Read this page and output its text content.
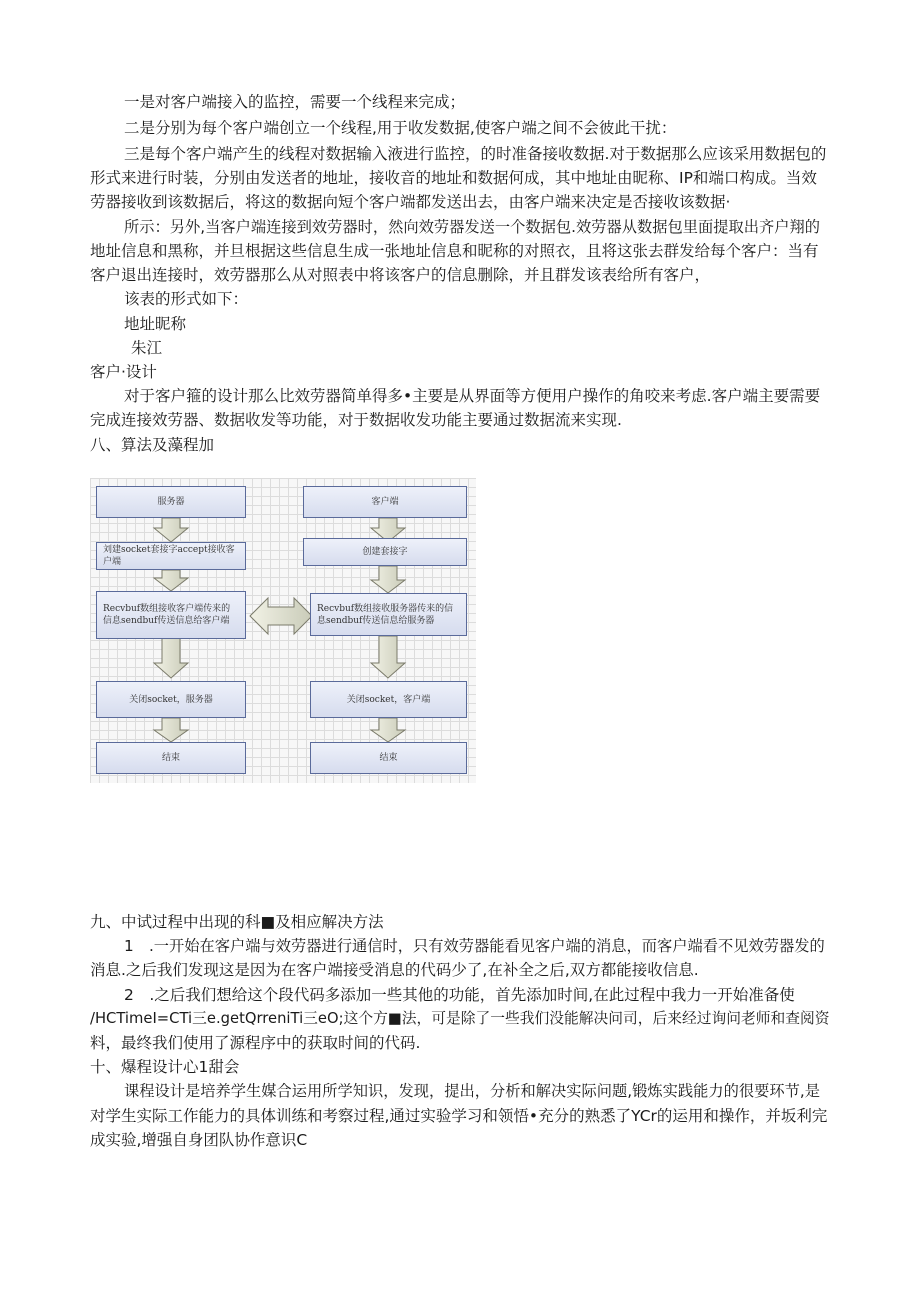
一是对客户端接入的监控，需要一个线程来完成；
二是分别为每个客户端创立一个线程,用于收发数据,使客户端之间不会彼此干扰：
三是每个客户端产生的线程对数据输入液进行监控，的时准备接收数据.对于数据那么应该采用数据包的
形式来进行时装，分别由发送者的地址，接收音的地址和数据何成，其中地址由昵称、IP和端口构成。当效
劳器接收到该数据后，将这的数据向短个客户端都发送出去，由客户端来决定是否接收该数据·
所示：另外,当客户端连接到效劳器时，然向效劳器发送一个数据包.效劳器从数据包里面提取出齐户翔的
地址信息和黑称，并旦根据这些信息生成一张地址信息和昵称的对照衣，且将这张去群发给每个客户：当有
客户退出连接时，效劳器那么从对照表中将该客户的信息删除，并且群发该表给所有客户，
该表的形式如下：
地址昵称
朱江
客户·设计
对于客户箍的设计那么比效劳器简单得多•主要是从界面等方便用户操作的角咬来考虑.客户端主要需要
完成连接效劳器、数据收发等功能，对于数据收发功能主要通过数据流来实现.
八、算法及藻程加
服务器
刘建socket套接字accept接收客户端
Recvbuf数组接收客户端传来的信息sendbuf传送信息给客户端
关闭socket，服务器
结束
客户端
创建套接字
Recvbuf数组接收服务器传来的信息sendbuf传送信息给服务器
关闭socket，客户端
结束
九、中试过程中出现的科■及相应解决方法
1　.一开始在客户端与效劳器进行通信时，只有效劳器能看见客户端的消息，而客户端看不见效劳器发的
消息.之后我们发现这是因为在客户端接受消息的代码少了,在补全之后,双方都能接收信息.
2　.之后我们想给这个段代码多添加一些其他的功能，首先添加时间,在此过程中我力一开始准备使
/HCTimeI=CTi三e.getQrreniTi三eO;这个方■法，可是除了一些我们没能解决问司，后来经过询问老师和查阅资
料，最终我们使用了源程序中的获取时间的代码.
十、爆程设计心1甜会
课程设计是培养学生媒合运用所学知识，发现，提出，分析和解决实际问题,锻炼实践能力的很要环节,是
对学生实际工作能力的具体训练和考察过程,通过实验学习和领悟•充分的熟悉了YCr的运用和操作，并坂利完
成实验,增强自身团队协作意识C
